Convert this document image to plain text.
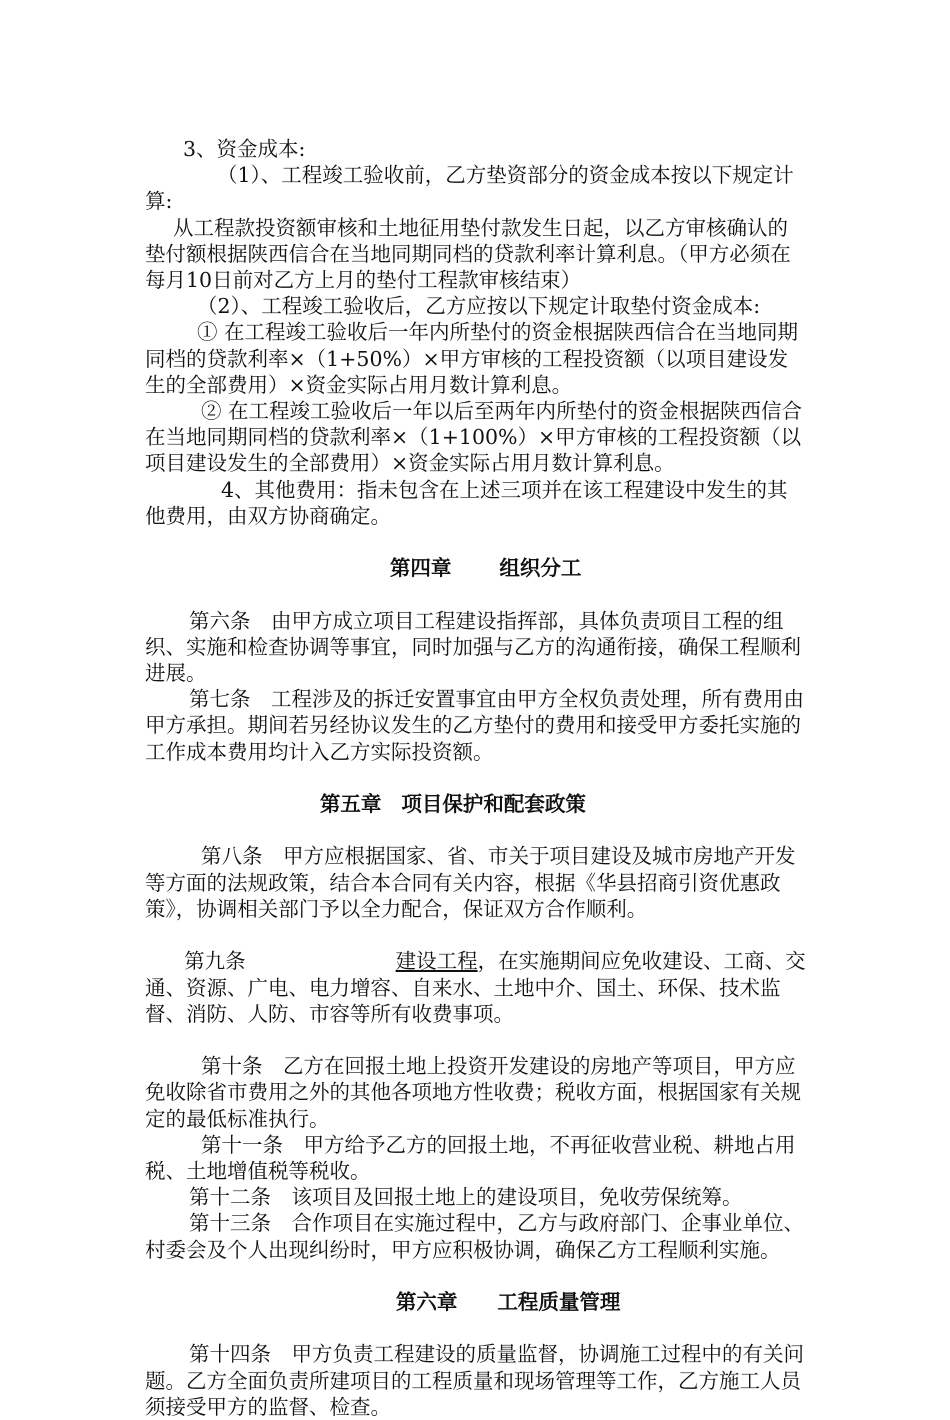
3、资金成本:

（1）、工程竣工验收前，乙方垫资部分的资金成本按以下规定计算:

从工程款投资额审核和土地征用垫付款发生日起，以乙方审核确认的垫付额根据陕西信合在当地同期同档的贷款利率计算利息。（甲方必须在每月10日前对乙方上月的垫付工程款审核结束）

（2）、工程竣工验收后，乙方应按以下规定计取垫付资金成本:

① 在工程竣工验收后一年内所垫付的资金根据陕西信合在当地同期同档的贷款利率×（1+50%）×甲方审核的工程投资额（以项目建设发生的全部费用）×资金实际占用月数计算利息。

② 在工程竣工验收后一年以后至两年内所垫付的资金根据陕西信合在当地同期同档的贷款利率×（1+100%）×甲方审核的工程投资额（以项目建设发生的全部费用）×资金实际占用月数计算利息。

4、其他费用：指未包含在上述三项并在该工程建设中发生的其他费用，由双方协商确定。

第四章 组织分工

第六条　由甲方成立项目工程建设指挥部，具体负责项目工程的组织、实施和检查协调等事宜，同时加强与乙方的沟通衔接，确保工程顺利进展。

第七条　工程涉及的拆迁安置事宜由甲方全权负责处理，所有费用由甲方承担。期间若另经协议发生的乙方垫付的费用和接受甲方委托实施的工作成本费用均计入乙方实际投资额。

第五章 项目保护和配套政策

第八条　甲方应根据国家、省、市关于项目建设及城市房地产开发等方面的法规政策，结合本合同有关内容，根据《华县招商引资优惠政策》，协调相关部门予以全力配合，保证双方合作顺利。

第九条	建设工程，在实施期间应免收建设、工商、交通、资源、广电、电力增容、自来水、土地中介、国土、环保、技术监督、消防、人防、市容等所有收费事项。

第十条　乙方在回报土地上投资开发建设的房地产等项目，甲方应免收除省市费用之外的其他各项地方性收费；税收方面，根据国家有关规定的最低标准执行。

第十一条　甲方给予乙方的回报土地，不再征收营业税、耕地占用税、土地增值税等税收。

第十二条　该项目及回报土地上的建设项目，免收劳保统筹。

第十三条　合作项目在实施过程中，乙方与政府部门、企事业单位、村委会及个人出现纠纷时，甲方应积极协调，确保乙方工程顺利实施。

第六章 工程质量管理

第十四条　甲方负责工程建设的质量监督，协调施工过程中的有关问题。乙方全面负责所建项目的工程质量和现场管理等工作，乙方施工人员须接受甲方的监督、检查。
